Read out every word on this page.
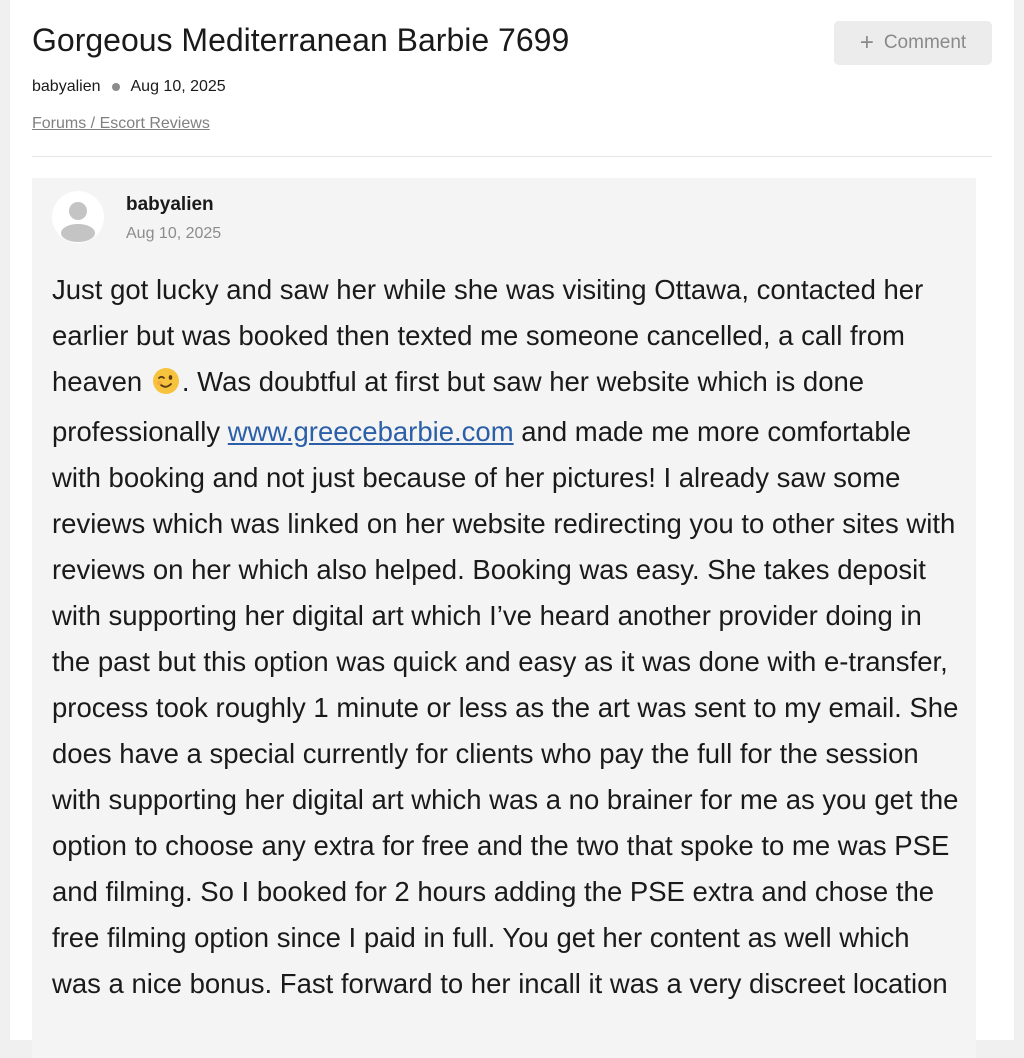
Gorgeous Mediterranean Barbie 7699	+ Comment
babyalien Aug 10, 2025
Forums / Escort Reviews
babyalien
Aug 10, 2025

Just got lucky and saw her while she was visiting Ottawa, contacted her earlier but was booked then texted me someone cancelled, a call from heaven . Was doubtful at first but saw her website which is done professionally www.greecebarbie.com and made me more comfortable with booking and not just because of her pictures! I already saw some reviews which was linked on her website redirecting you to other sites with reviews on her which also helped. Booking was easy. She takes deposit with supporting her digital art which I’ve heard another provider doing in the past but this option was quick and easy as it was done with e-transfer, process took roughly 1 minute or less as the art was sent to my email. She does have a special currently for clients who pay the full for the session with supporting her digital art which was a no brainer for me as you get the option to choose any extra for free and the two that spoke to me was PSE and filming. So I booked for 2 hours adding the PSE extra and chose the free filming option since I paid in full. You get her content as well which was a nice bonus. Fast forward to her incall it was a very discreet location
